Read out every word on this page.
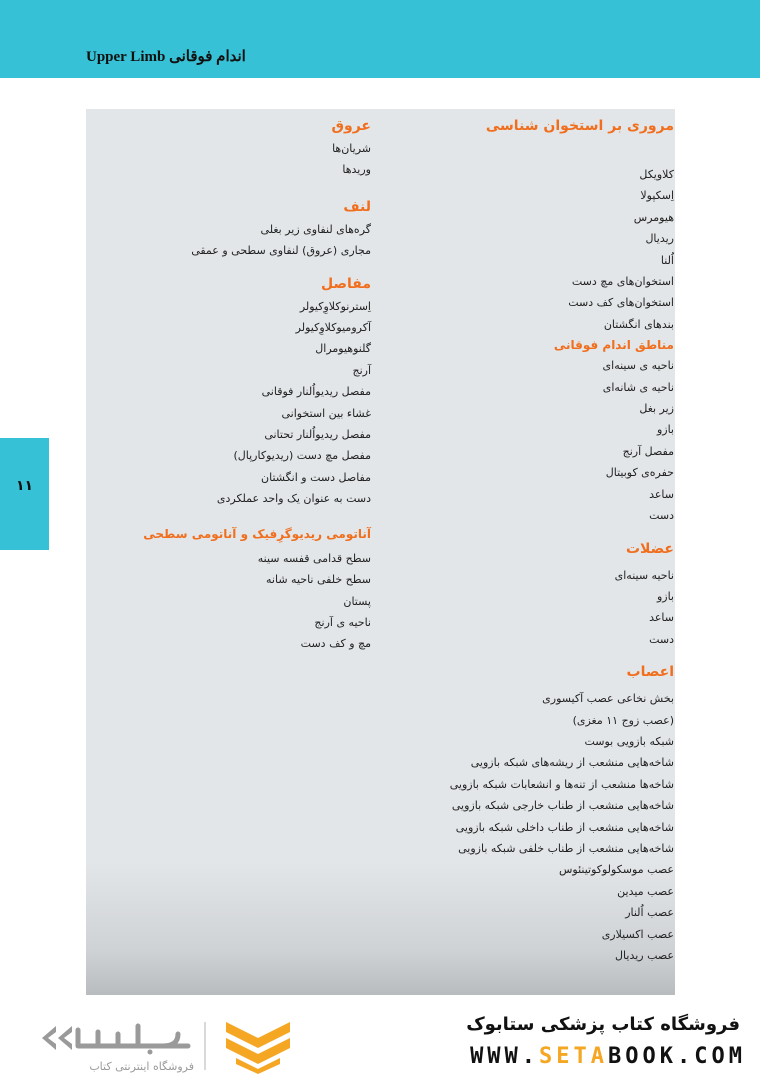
Upper Limb اندام فوقانی
۱۱
مروری بر استخوان شناسی
کلاویکل
اِسکپولا
هیومرس
ریدیال
اُلنا
استخوان‌های مچ دست
استخوان‌های کف دست
بندهای انگشتان
مناطق اندام فوقانی
ناحیه‌ ی سینه‌ای
ناحیه‌ ی شانه‌ای
زیر بغل
بازو
مفصل آرنج
حفره‌ی کوبیتال
ساعد
دست
عضلات
ناحیه سینه‌ای
بازو
ساعد
دست
اعصاب
بخش نخاعی عصب آکیسوری
(عصب زوج ۱۱ مغزی)
شبکه بازویی بوست
شاخه‌هایی منشعب از ریشه‌های شبکه بازویی
شاخه‌ها منشعب از تنه‌ها و انشعابات شبکه بازویی
شاخه‌هایی منشعب از طناب خارجی شبکه بازویی
شاخه‌هایی منشعب از طناب داخلی شبکه بازویی
شاخه‌هایی منشعب از طناب خلفی شبکه بازویی
عصب موسکولوکوتینئوس
عصب میدین
عصب اُلنار
عصب اکسیلاری
عصب ریدیال
عروق
شریان‌ها
وریدها
لنف
گره‌های لنفاوی زیر بغلی
مجاری (عروق) لنفاوی سطحی و عمقی
مفاصل
اِسترنوکلاوِکیولر
آکرومیوکلاوِکیولر
گلنوهیومرال
آرنج
مفصل ریدیواُلنار فوقانی
غشاء بین استخوانی
مفصل ریدیواُلنار تحتانی
مفصل مچ دست (ریدیوکارپال)
مفاصل دست و انگشتان
دست به عنوان یک واحد عملکردی
آناتومی ریدیوگرِفیک و آناتومی سطحی
سطح قدامی قفسه سینه
سطح خلفی ناحیه شانه
پستان
ناحیه‌ ی آرنج
مچ و کف دست
فروشگاه اینترنتی کتاب
فروشگاه کتاب پزشکی ستابوک
WWW.SETABOOK.COM
